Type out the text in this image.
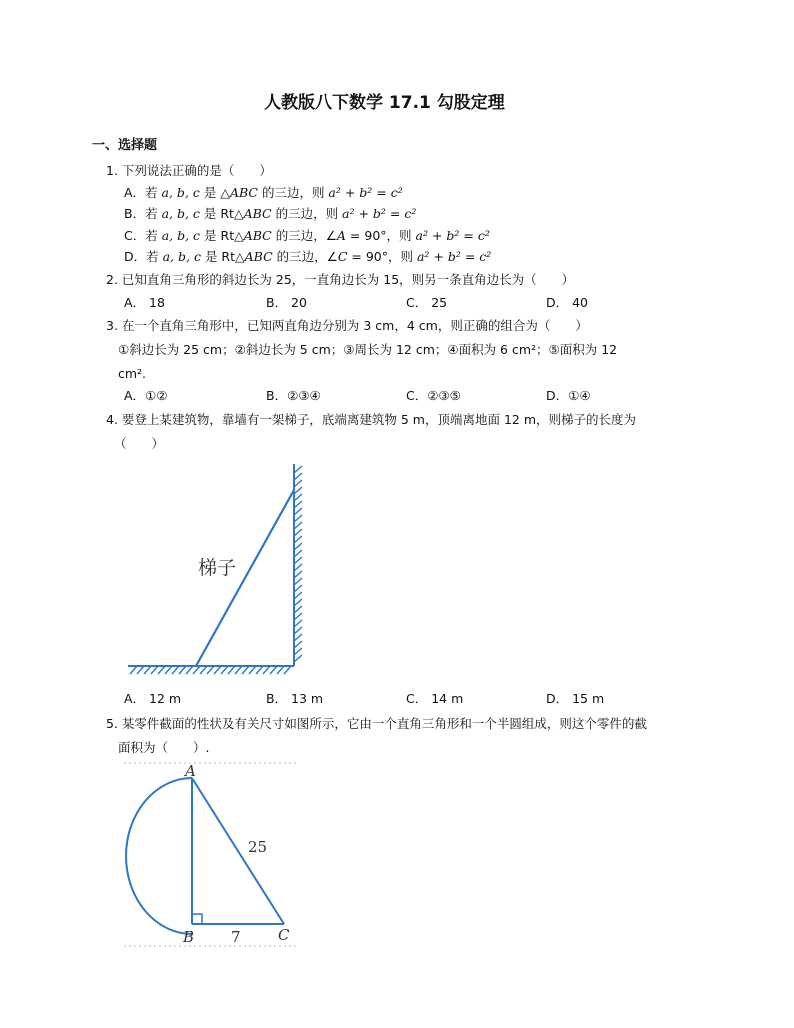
人教版八下数学 17.1 勾股定理
一、选择题
1. 下列说法正确的是（　　）
A．若 a, b, c 是 △ABC 的三边，则 a² + b² = c²
B．若 a, b, c 是 Rt△ABC 的三边，则 a² + b² = c²
C．若 a, b, c 是 Rt△ABC 的三边，∠A = 90°，则 a² + b² = c²
D．若 a, b, c 是 Rt△ABC 的三边，∠C = 90°，则 a² + b² = c²
2. 已知直角三角形的斜边长为 25，一直角边长为 15，则另一条直角边长为（　　）
A． 18	B． 20	C． 25	D． 40
3. 在一个直角三角形中，已知两直角边分别为 3 cm，4 cm，则正确的组合为（　　）
①斜边长为 25 cm；②斜边长为 5 cm；③周长为 12 cm；④面积为 6 cm²；⑤面积为 12
cm².
A．①②	B．②③④	C．②③⑤	D．①④
4. 要登上某建筑物，靠墙有一架梯子，底端离建筑物 5 m，顶端离地面 12 m，则梯子的长度为
（　　）
梯子
A． 12 m	B． 13 m	C． 14 m	D． 15 m
5. 某零件截面的性状及有关尺寸如图所示，它由一个直角三角形和一个半圆组成，则这个零件的截
面积为（　　）.
A
B	C
25
7
